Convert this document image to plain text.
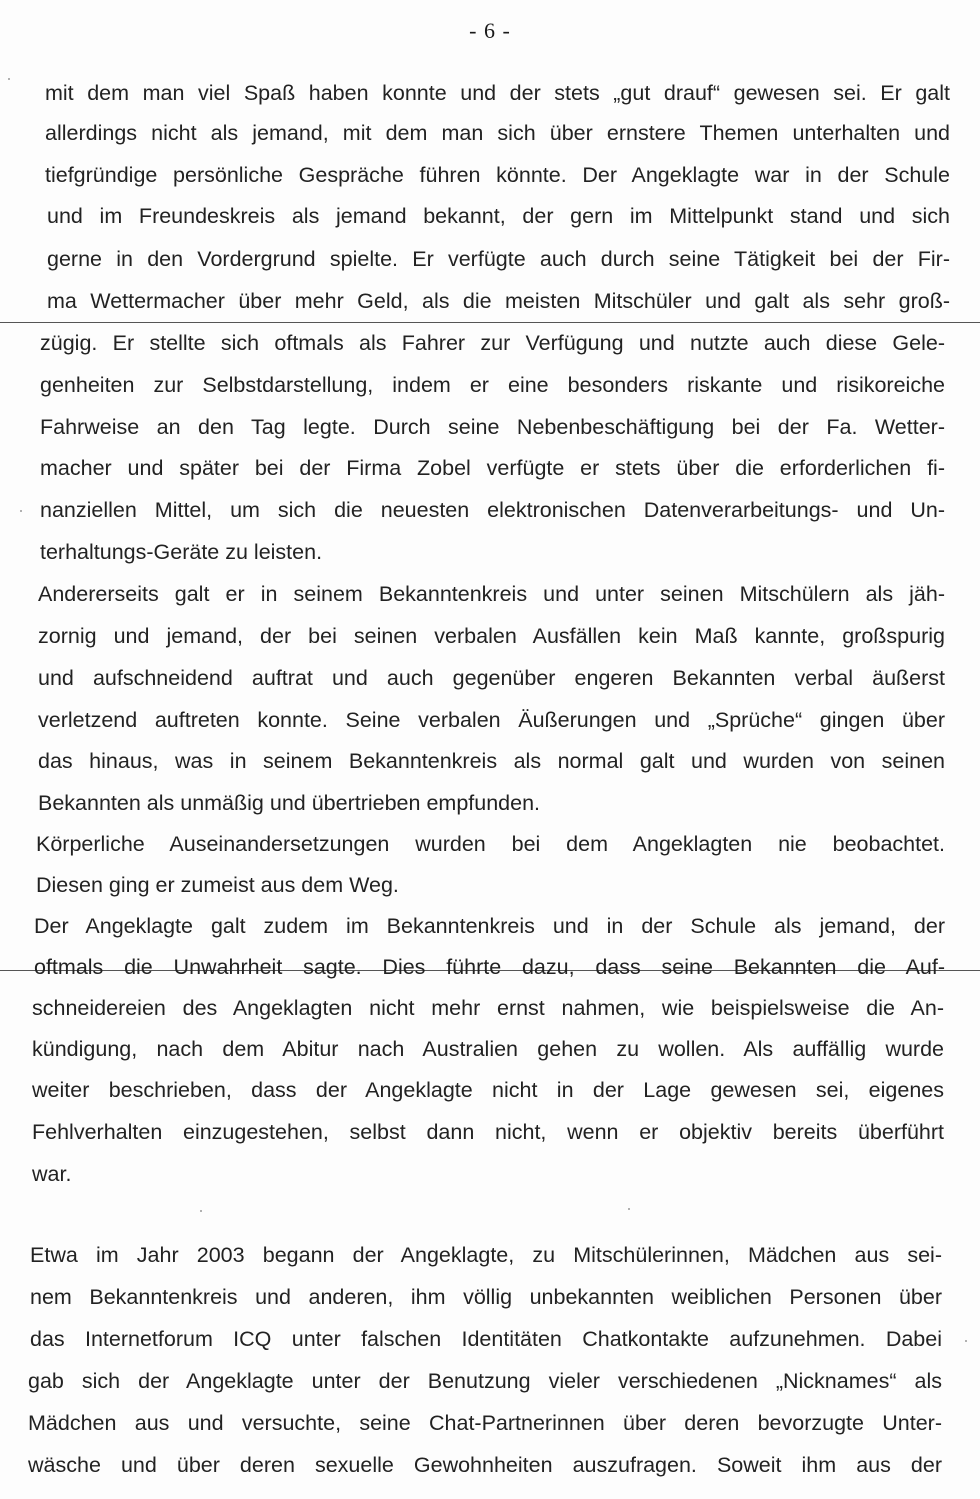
- 6 -
mit dem man viel Spaß haben konnte und der stets „gut drauf“ gewesen sei. Er galt
allerdings nicht als jemand, mit dem man sich über ernstere Themen unterhalten und
tiefgründige persönliche Gespräche führen könnte. Der Angeklagte war in der Schule
und im Freundeskreis als jemand bekannt, der gern im Mittelpunkt stand und sich
gerne in den Vordergrund spielte. Er verfügte auch durch seine Tätigkeit bei der Fir-
ma Wettermacher über mehr Geld, als die meisten Mitschüler und galt als sehr groß-
zügig. Er stellte sich oftmals als Fahrer zur Verfügung und nutzte auch diese Gele-
genheiten zur Selbstdarstellung, indem er eine besonders riskante und risikoreiche
Fahrweise an den Tag legte. Durch seine Nebenbeschäftigung bei der Fa. Wetter-
macher und später bei der Firma Zobel verfügte er stets über die erforderlichen fi-
nanziellen Mittel, um sich die neuesten elektronischen Datenverarbeitungs- und Un-
terhaltungs-Geräte zu leisten.
Andererseits galt er in seinem Bekanntenkreis und unter seinen Mitschülern als jäh-
zornig und jemand, der bei seinen verbalen Ausfällen kein Maß kannte, großspurig
und aufschneidend auftrat und auch gegenüber engeren Bekannten verbal äußerst
verletzend auftreten konnte. Seine verbalen Äußerungen und „Sprüche“ gingen über
das hinaus, was in seinem Bekanntenkreis als normal galt und wurden von seinen
Bekannten als unmäßig und übertrieben empfunden.
Körperliche Auseinandersetzungen wurden bei dem Angeklagten nie beobachtet.
Diesen ging er zumeist aus dem Weg.
Der Angeklagte galt zudem im Bekanntenkreis und in der Schule als jemand, der
oftmals die Unwahrheit sagte. Dies führte dazu, dass seine Bekannten die Auf-
schneidereien des Angeklagten nicht mehr ernst nahmen, wie beispielsweise die An-
kündigung, nach dem Abitur nach Australien gehen zu wollen. Als auffällig wurde
weiter beschrieben, dass der Angeklagte nicht in der Lage gewesen sei, eigenes
Fehlverhalten einzugestehen, selbst dann nicht, wenn er objektiv bereits überführt
war.
Etwa im Jahr 2003 begann der Angeklagte, zu Mitschülerinnen, Mädchen aus sei-
nem Bekanntenkreis und anderen, ihm völlig unbekannten weiblichen Personen über
das Internetforum ICQ unter falschen Identitäten Chatkontakte aufzunehmen. Dabei
gab sich der Angeklagte unter der Benutzung vieler verschiedenen „Nicknames“ als
Mädchen aus und versuchte, seine Chat-Partnerinnen über deren bevorzugte Unter-
wäsche und über deren sexuelle Gewohnheiten auszufragen. Soweit ihm aus der
